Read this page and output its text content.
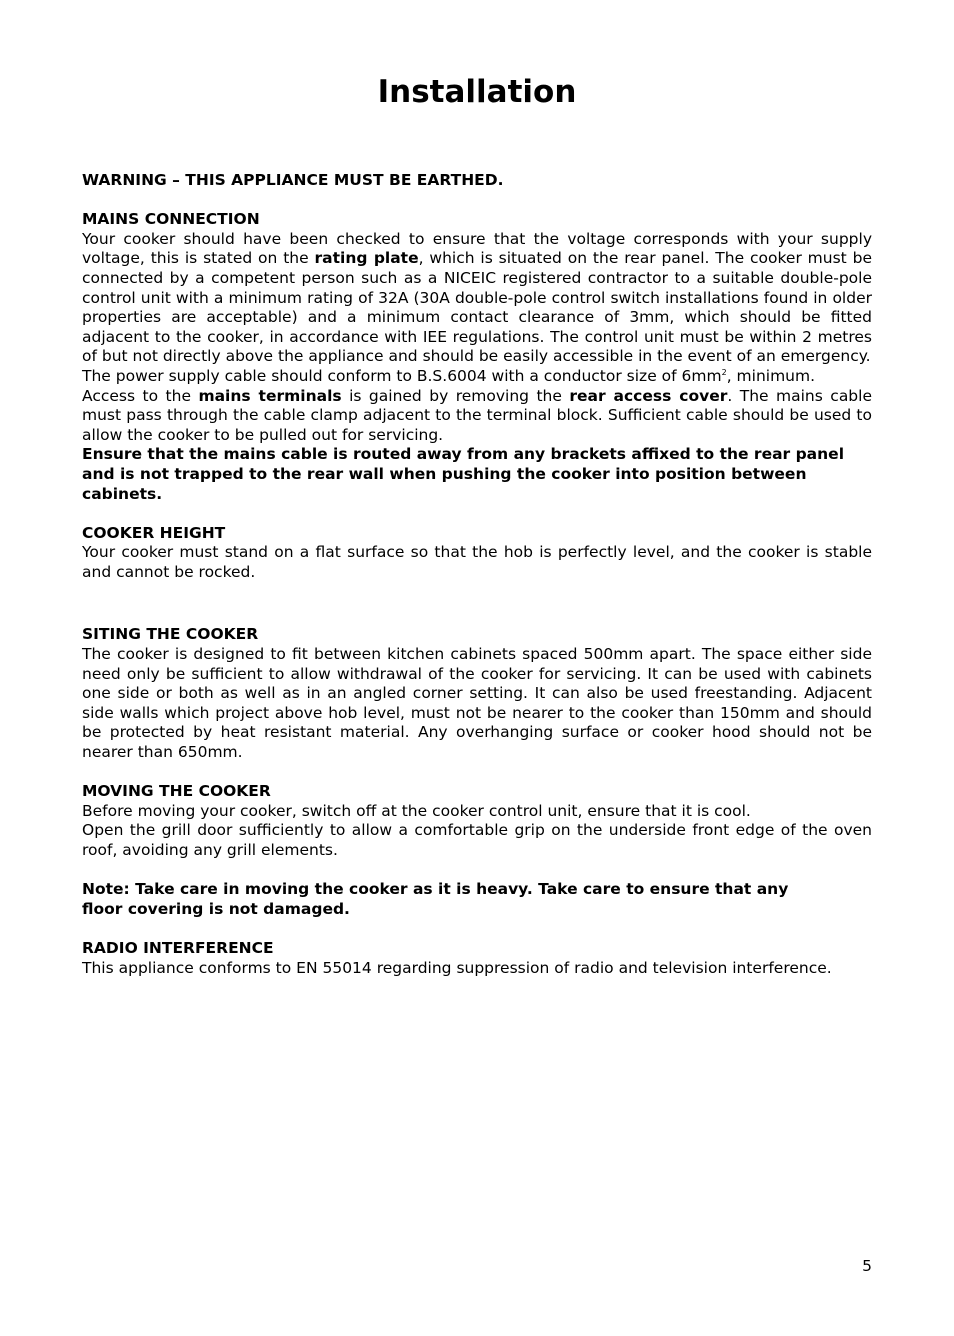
Installation

WARNING – THIS APPLIANCE MUST BE EARTHED.

MAINS CONNECTION

Your cooker should have been checked to ensure that the voltage corresponds with your supply voltage, this is stated on the rating plate, which is situated on the rear panel. The cooker must be connected by a competent person such as a NICEIC registered contractor to a suitable double-pole control unit with a minimum rating of 32A (30A double-pole control switch installations found in older properties are acceptable) and a minimum contact clearance of 3mm, which should be fitted adjacent to the cooker, in accordance with IEE regulations. The control unit must be within 2 metres of but not directly above the appliance and should be easily accessible in the event of an emergency.

The power supply cable should conform to B.S.6004 with a conductor size of $6mm^2$, minimum.

Access to the mains terminals is gained by removing the rear access cover. The mains cable must pass through the cable clamp adjacent to the terminal block. Sufficient cable should be used to allow the cooker to be pulled out for servicing.

Ensure that the mains cable is routed away from any brackets affixed to the rear panel and is not trapped to the rear wall when pushing the cooker into position between cabinets.

COOKER HEIGHT

Your cooker must stand on a flat surface so that the hob is perfectly level, and the cooker is stable and cannot be rocked.

SITING THE COOKER

The cooker is designed to fit between kitchen cabinets spaced 500mm apart. The space either side need only be sufficient to allow withdrawal of the cooker for servicing. It can be used with cabinets one side or both as well as in an angled corner setting. It can also be used freestanding. Adjacent side walls which project above hob level, must not be nearer to the cooker than 150mm and should be protected by heat resistant material. Any overhanging surface or cooker hood should not be nearer than 650mm.

MOVING THE COOKER

Before moving your cooker, switch off at the cooker control unit, ensure that it is cool.

Open the grill door sufficiently to allow a comfortable grip on the underside front edge of the oven roof, avoiding any grill elements.

Note: Take care in moving the cooker as it is heavy. Take care to ensure that any floor covering is not damaged.

RADIO INTERFERENCE

This appliance conforms to EN 55014 regarding suppression of radio and television interference.

5
